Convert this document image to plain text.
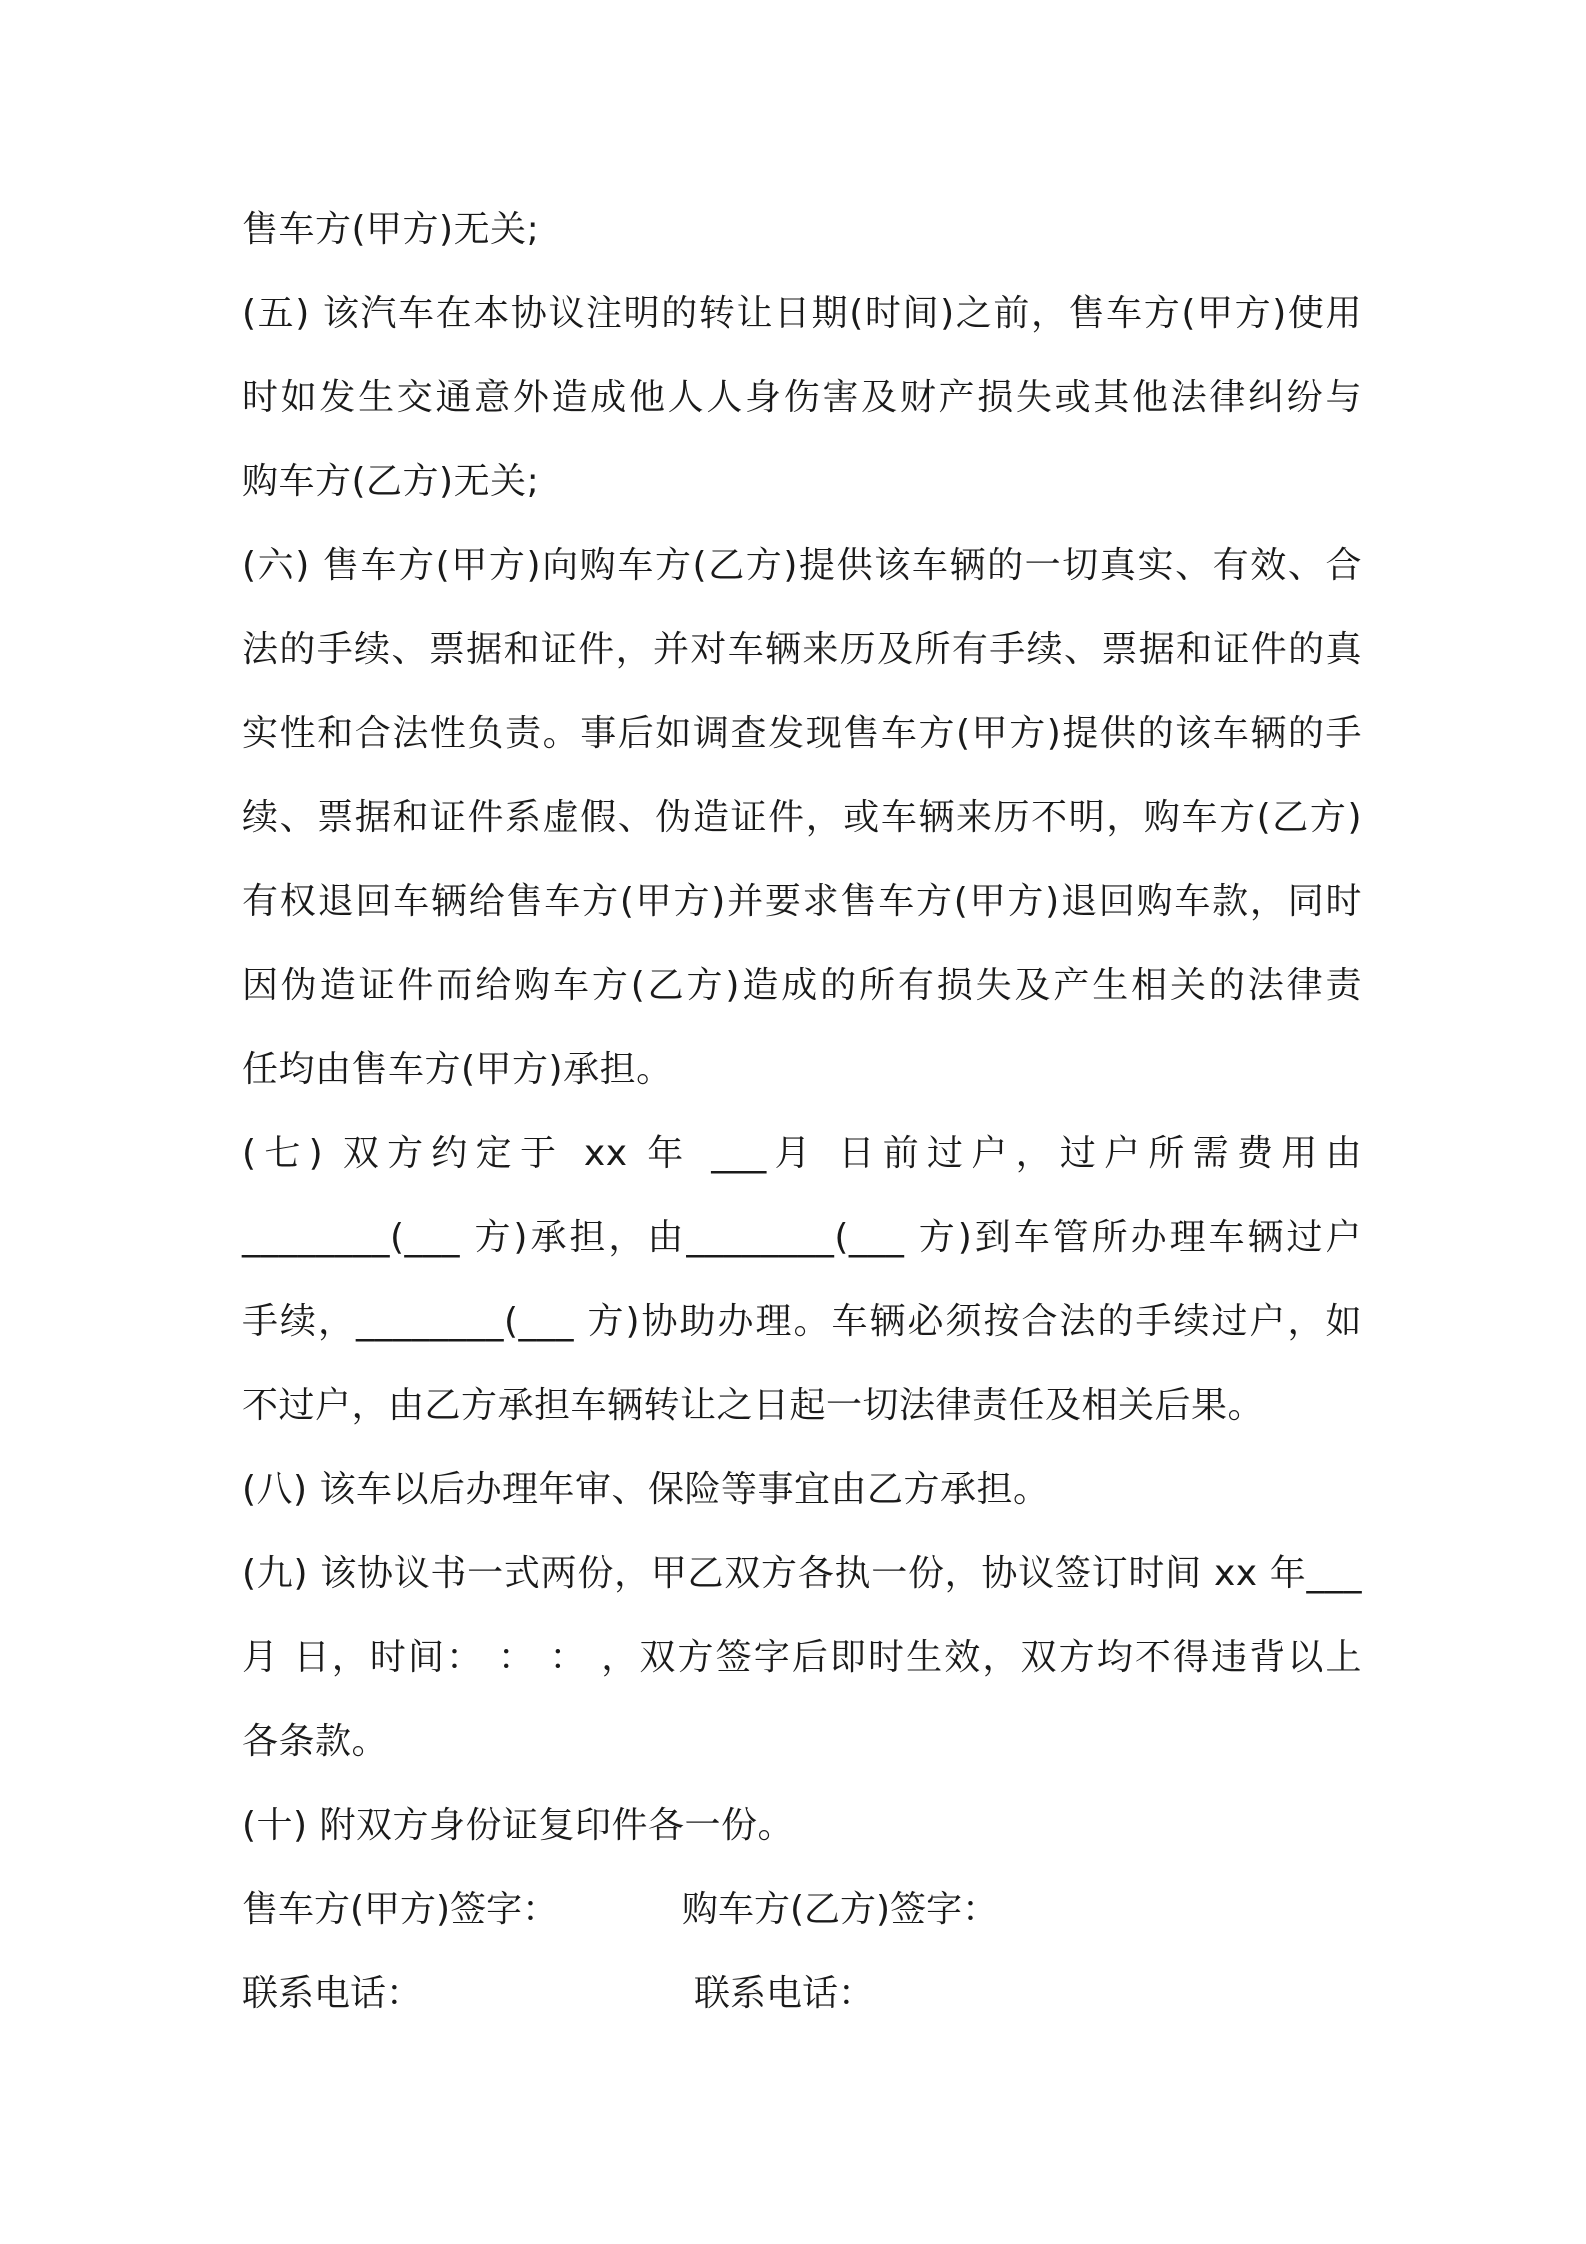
售车方(甲方)无关;
(五) 该汽车在本协议注明的转让日期(时间)之前，售车方(甲方)使用
时如发生交通意外造成他人人身伤害及财产损失或其他法律纠纷与
购车方(乙方)无关;
(六) 售车方(甲方)向购车方(乙方)提供该车辆的一切真实、有效、合
法的手续、票据和证件，并对车辆来历及所有手续、票据和证件的真
实性和合法性负责。事后如调查发现售车方(甲方)提供的该车辆的手
续、票据和证件系虚假、伪造证件，或车辆来历不明，购车方(乙方)
有权退回车辆给售车方(甲方)并要求售车方(甲方)退回购车款，同时
因伪造证件而给购车方(乙方)造成的所有损失及产生相关的法律责
任均由售车方(甲方)承担。
(七) 双方约定于 xx 年 ___月 日前过户，过户所需费用由
________(___ 方)承担，由________(___ 方)到车管所办理车辆过户
手续，________(___ 方)协助办理。车辆必须按合法的手续过户，如
不过户，由乙方承担车辆转让之日起一切法律责任及相关后果。
(八) 该车以后办理年审、保险等事宜由乙方承担。
(九) 该协议书一式两份，甲乙双方各执一份，协议签订时间 xx 年___
月 日，时间： ： ： ，双方签字后即时生效，双方均不得违背以上
各条款。
(十) 附双方身份证复印件各一份。
售车方(甲方)签字：	购车方(乙方)签字：
联系电话：	联系电话：
